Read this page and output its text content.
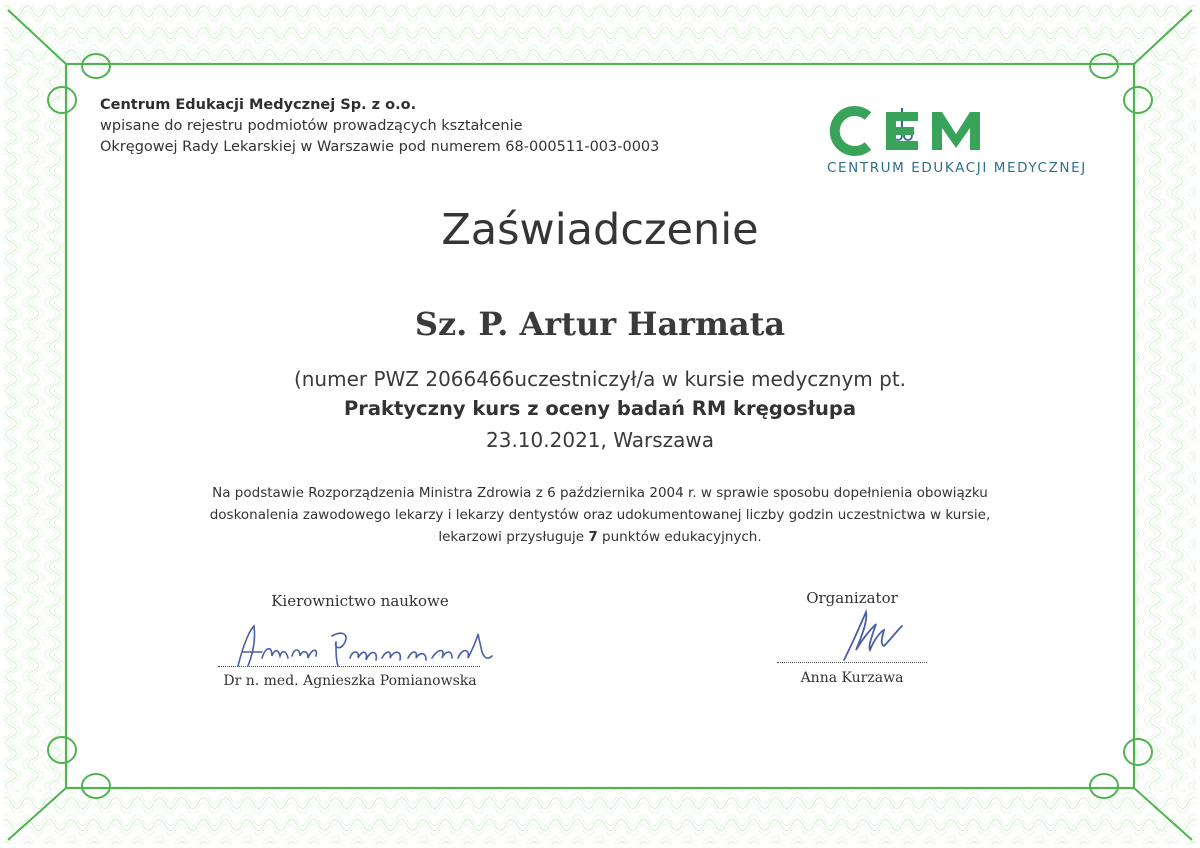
Centrum Edukacji Medycznej Sp. z o.o.
wpisane do rejestru podmiotów prowadzących kształcenie
Okręgowej Rady Lekarskiej w Warszawie pod numerem 68-000511-003-0003
CENTRUM EDUKACJI MEDYCZNEJ
Zaświadczenie
Sz. P. Artur Harmata
(numer PWZ 2066466uczestniczył/a w kursie medycznym pt.
Praktyczny kurs z oceny badań RM kręgosłupa
23.10.2021, Warszawa
Na podstawie Rozporządzenia Ministra Zdrowia z 6 października 2004 r. w sprawie sposobu dopełnienia obowiązku
doskonalenia zawodowego lekarzy i lekarzy dentystów oraz udokumentowanej liczby godzin uczestnictwa w kursie,
lekarzowi przysługuje 7 punktów edukacyjnych.
Kierownictwo naukowe
Dr n. med. Agnieszka Pomianowska
Organizator
Anna Kurzawa
